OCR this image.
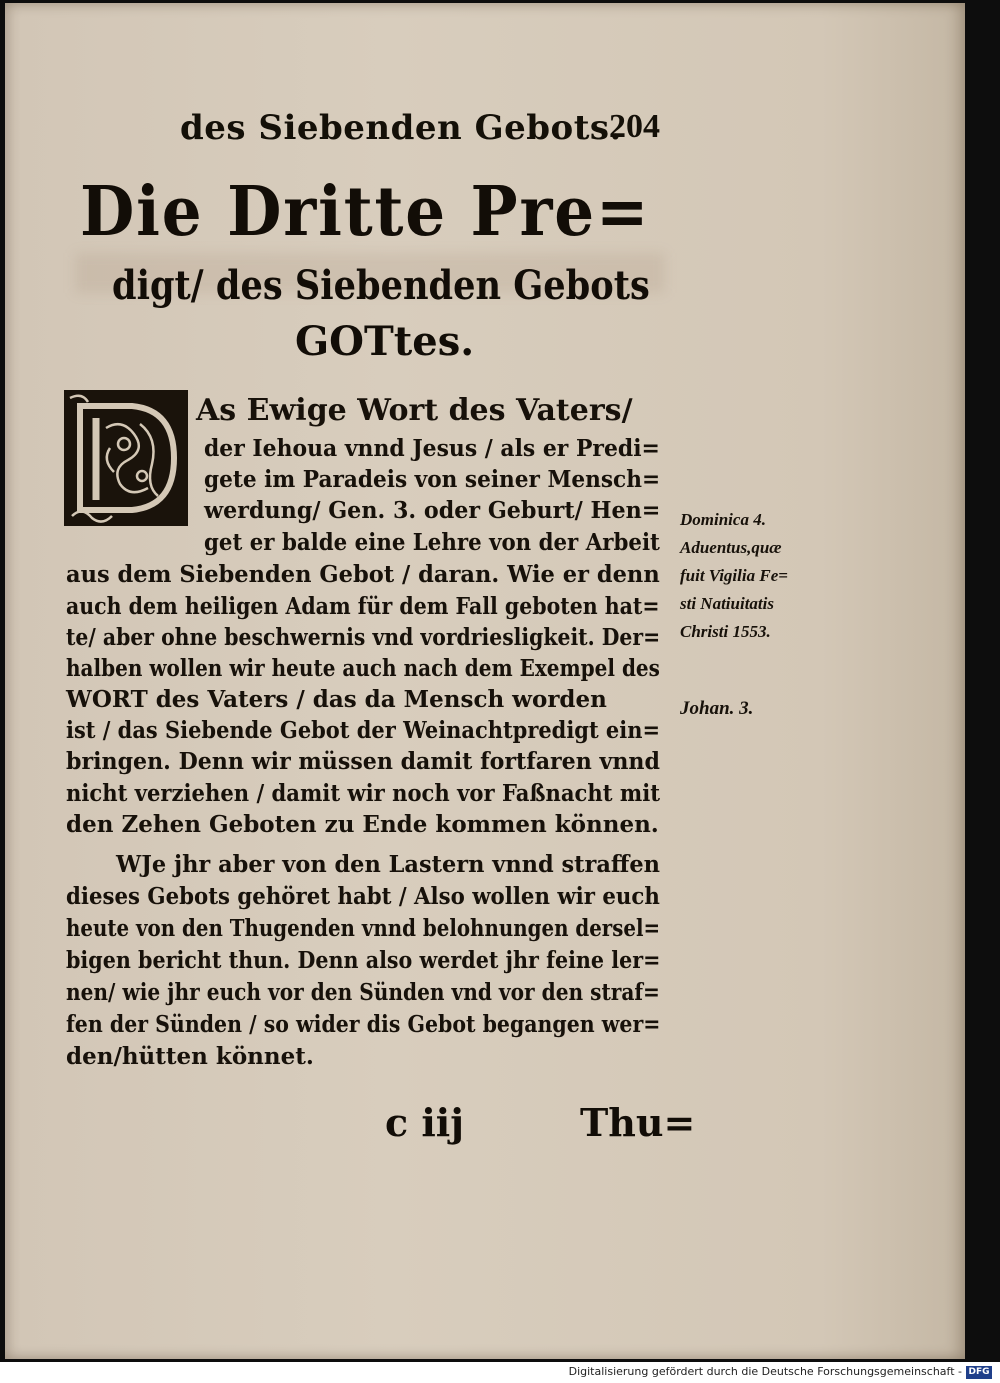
des Siebenden Gebots.
204
Die Dritte Pre=
digt/ des Siebenden Gebots
GOTtes.
As Ewige Wort des Vaters/
der Iehoua vnnd Jesus / als er Predi=
gete im Paradeis von seiner Mensch=
werdung/ Gen. 3. oder Geburt/ Hen=
get er balde eine Lehre von der Arbeit
aus dem Siebenden Gebot / daran. Wie er denn
auch dem heiligen Adam für dem Fall geboten hat=
te/ aber ohne beschwernis vnd vordriesligkeit. Der=
halben wollen wir heute auch nach dem Exempel des
WORT des Vaters / das da Mensch worden
ist / das Siebende Gebot der Weinachtpredigt ein=
bringen. Denn wir müssen damit fortfaren vnnd
nicht verziehen / damit wir noch vor Faßnacht mit
den Zehen Geboten zu Ende kommen können.
WJe jhr aber von den Lastern vnnd straffen
dieses Gebots gehöret habt / Also wollen wir euch
heute von den Thugenden vnnd belohnungen dersel=
bigen bericht thun. Denn also werdet jhr feine ler=
nen/ wie jhr euch vor den Sünden vnd vor den straf=
fen der Sünden / so wider dis Gebot begangen wer=
den/hütten könnet.
Dominica 4.
Aduentus,quæ
fuit Vigilia Fe=
sti Natiuitatis
Christi 1553.
Johan. 3.
c iij	Thu=
Digitalisierung gefördert durch die Deutsche Forschungsgemeinschaft - DFG
